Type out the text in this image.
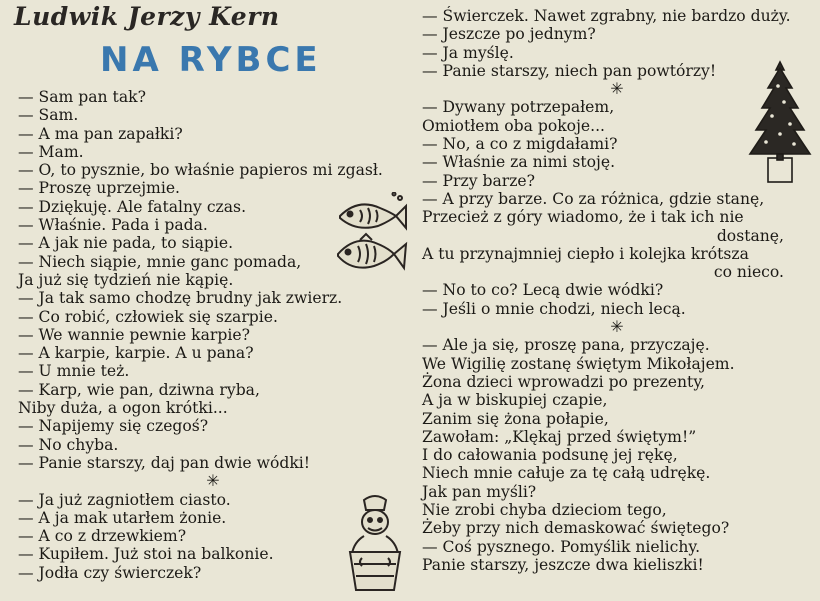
Ludwik Jerzy Kern
NA RYBCE
— Sam pan tak?
— Sam.
— A ma pan zapałki?
— Mam.
— O, to pysznie, bo właśnie papieros mi zgasł.
— Proszę uprzejmie.
— Dziękuję. Ale fatalny czas.
— Właśnie. Pada i pada.
— A jak nie pada, to siąpie.
— Niech siąpie, mnie ganc pomada,
Ja już się tydzień nie kąpię.
— Ja tak samo chodzę brudny jak zwierz.
— Co robić, człowiek się szarpie.
— We wannie pewnie karpie?
— A karpie, karpie. A u pana?
— U mnie też.
— Karp, wie pan, dziwna ryba,
Niby duża, a ogon krótki...
— Napijemy się czegoś?
— No chyba.
— Panie starszy, daj pan dwie wódki!
✳
— Ja już zagniotłem ciasto.
— A ja mak utarłem żonie.
— A co z drzewkiem?
— Kupiłem. Już stoi na balkonie.
— Jodła czy świerczek?
— Świerczek. Nawet zgrabny, nie bardzo duży.
— Jeszcze po jednym?
— Ja myślę.
— Panie starszy, niech pan powtórzy!
✳
— Dywany potrzepałem,
Omiotłem oba pokoje...
— No, a co z migdałami?
— Właśnie za nimi stoję.
— Przy barze?
— A przy barze. Co za różnica, gdzie stanę,
Przecież z góry wiadomo, że i tak ich nie
dostanę,
A tu przynajmniej ciepło i kolejka krótsza
co nieco.
— No to co? Lecą dwie wódki?
— Jeśli o mnie chodzi, niech lecą.
✳
— Ale ja się, proszę pana, przyczaję.
We Wigilię zostanę świętym Mikołajem.
Żona dzieci wprowadzi po prezenty,
A ja w biskupiej czapie,
Zanim się żona połapie,
Zawołam: „Klękaj przed świętym!”
I do całowania podsunę jej rękę,
Niech mnie całuje za tę całą udrękę.
Jak pan myśli?
Nie zrobi chyba dzieciom tego,
Żeby przy nich demaskować świętego?
— Coś pysznego. Pomyślik nielichy.
Panie starszy, jeszcze dwa kieliszki!
